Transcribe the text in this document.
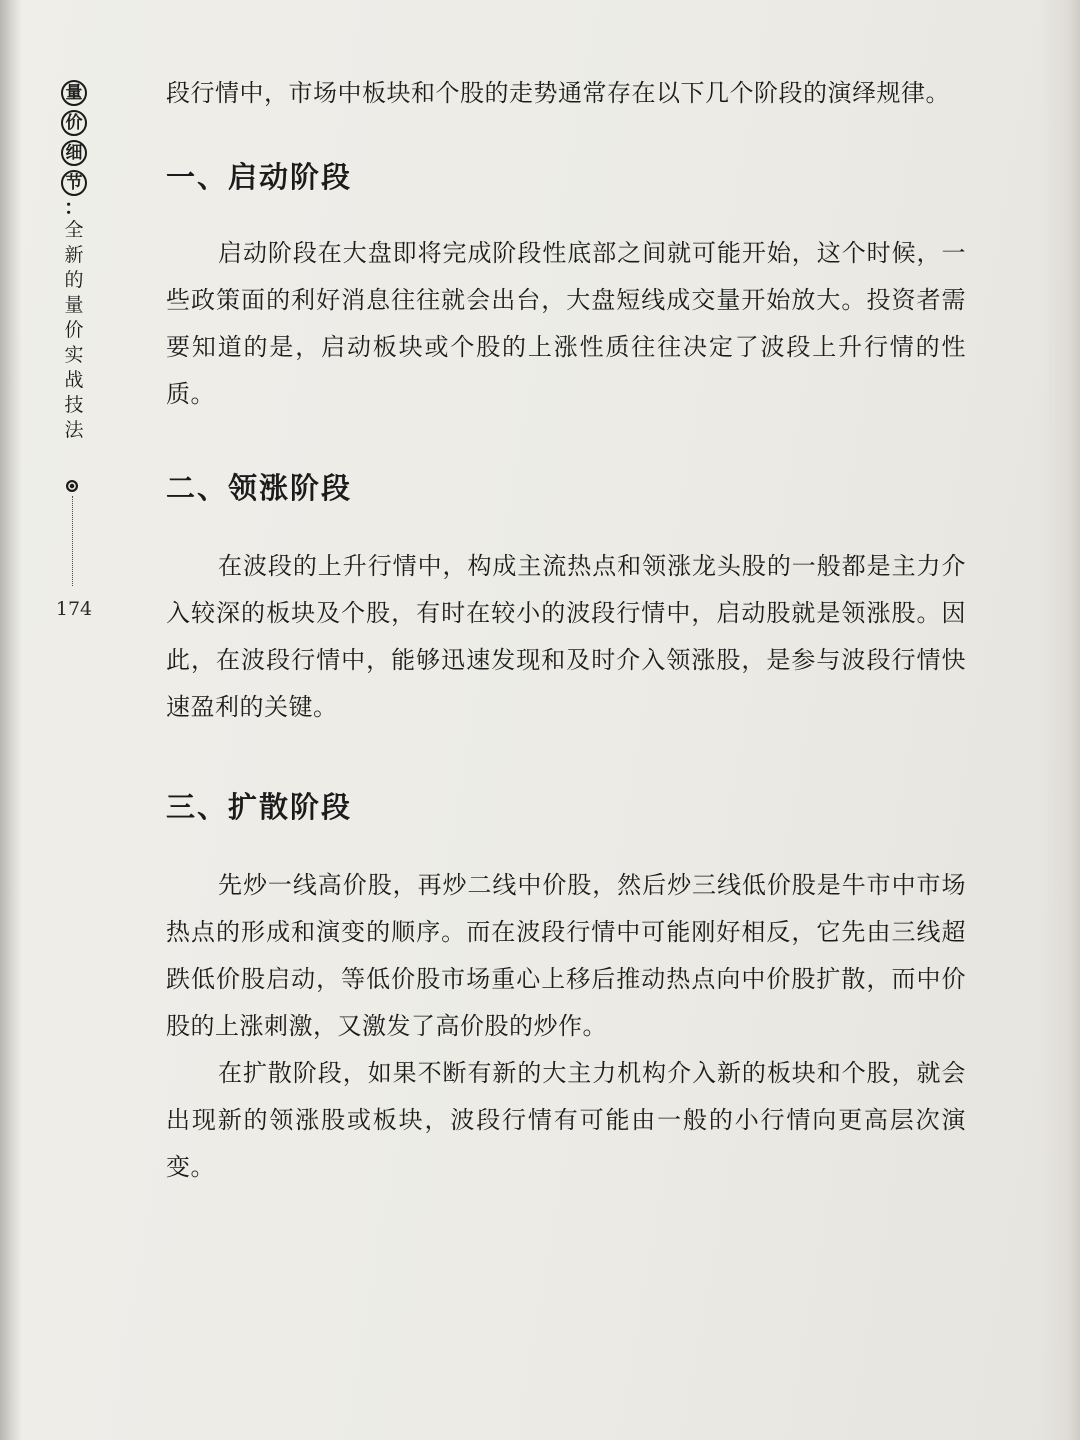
量
价
细
节
：
全
新
的
量
价
实
战
技
法
174

段行情中，市场中板块和个股的走势通常存在以下几个阶段的演绎规律。

一、启动阶段

启动阶段在大盘即将完成阶段性底部之间就可能开始，这个时候，一些政策面的利好消息往往就会出台，大盘短线成交量开始放大。投资者需要知道的是，启动板块或个股的上涨性质往往决定了波段上升行情的性质。

二、领涨阶段

在波段的上升行情中，构成主流热点和领涨龙头股的一般都是主力介入较深的板块及个股，有时在较小的波段行情中，启动股就是领涨股。因此，在波段行情中，能够迅速发现和及时介入领涨股，是参与波段行情快速盈利的关键。

三、扩散阶段

先炒一线高价股，再炒二线中价股，然后炒三线低价股是牛市中市场热点的形成和演变的顺序。而在波段行情中可能刚好相反，它先由三线超跌低价股启动，等低价股市场重心上移后推动热点向中价股扩散，而中价股的上涨刺激，又激发了高价股的炒作。

在扩散阶段，如果不断有新的大主力机构介入新的板块和个股，就会出现新的领涨股或板块，波段行情有可能由一般的小行情向更高层次演变。
